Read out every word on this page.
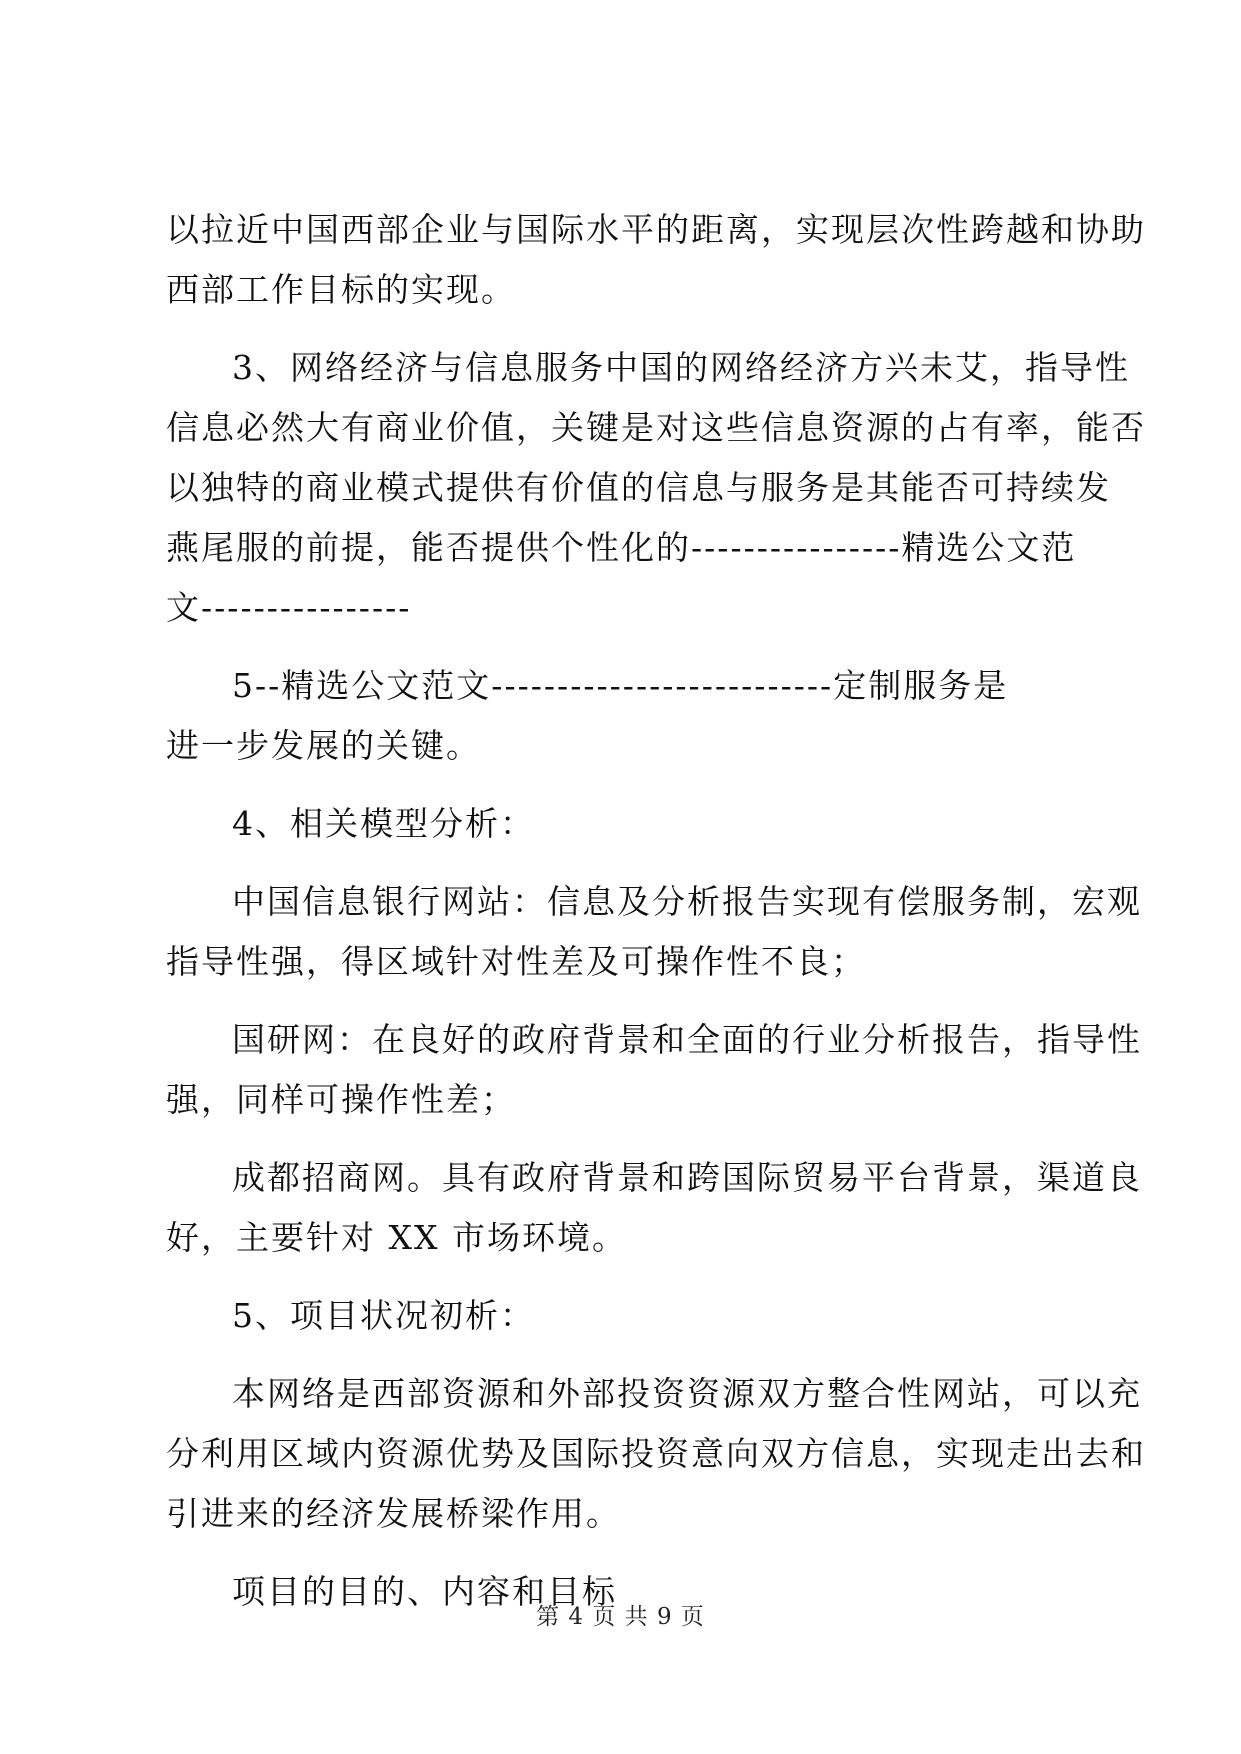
以拉近中国西部企业与国际水平的距离，实现层次性跨越和协助
西部工作目标的实现。
3、网络经济与信息服务中国的网络经济方兴未艾，指导性
信息必然大有商业价值，关键是对这些信息资源的占有率，能否
以独特的商业模式提供有价值的信息与服务是其能否可持续发
燕尾服的前提，能否提供个性化的----------------精选公文范
文----------------
5--精选公文范文--------------------------定制服务是
进一步发展的关键。
4、相关模型分析：
中国信息银行网站：信息及分析报告实现有偿服务制，宏观
指导性强，得区域针对性差及可操作性不良；
国研网：在良好的政府背景和全面的行业分析报告，指导性
强，同样可操作性差；
成都招商网。具有政府背景和跨国际贸易平台背景，渠道良
好，主要针对 XX 市场环境。
5、项目状况初析：
本网络是西部资源和外部投资资源双方整合性网站，可以充
分利用区域内资源优势及国际投资意向双方信息，实现走出去和
引进来的经济发展桥梁作用。
项目的目的、内容和目标
第 4 页 共 9 页
